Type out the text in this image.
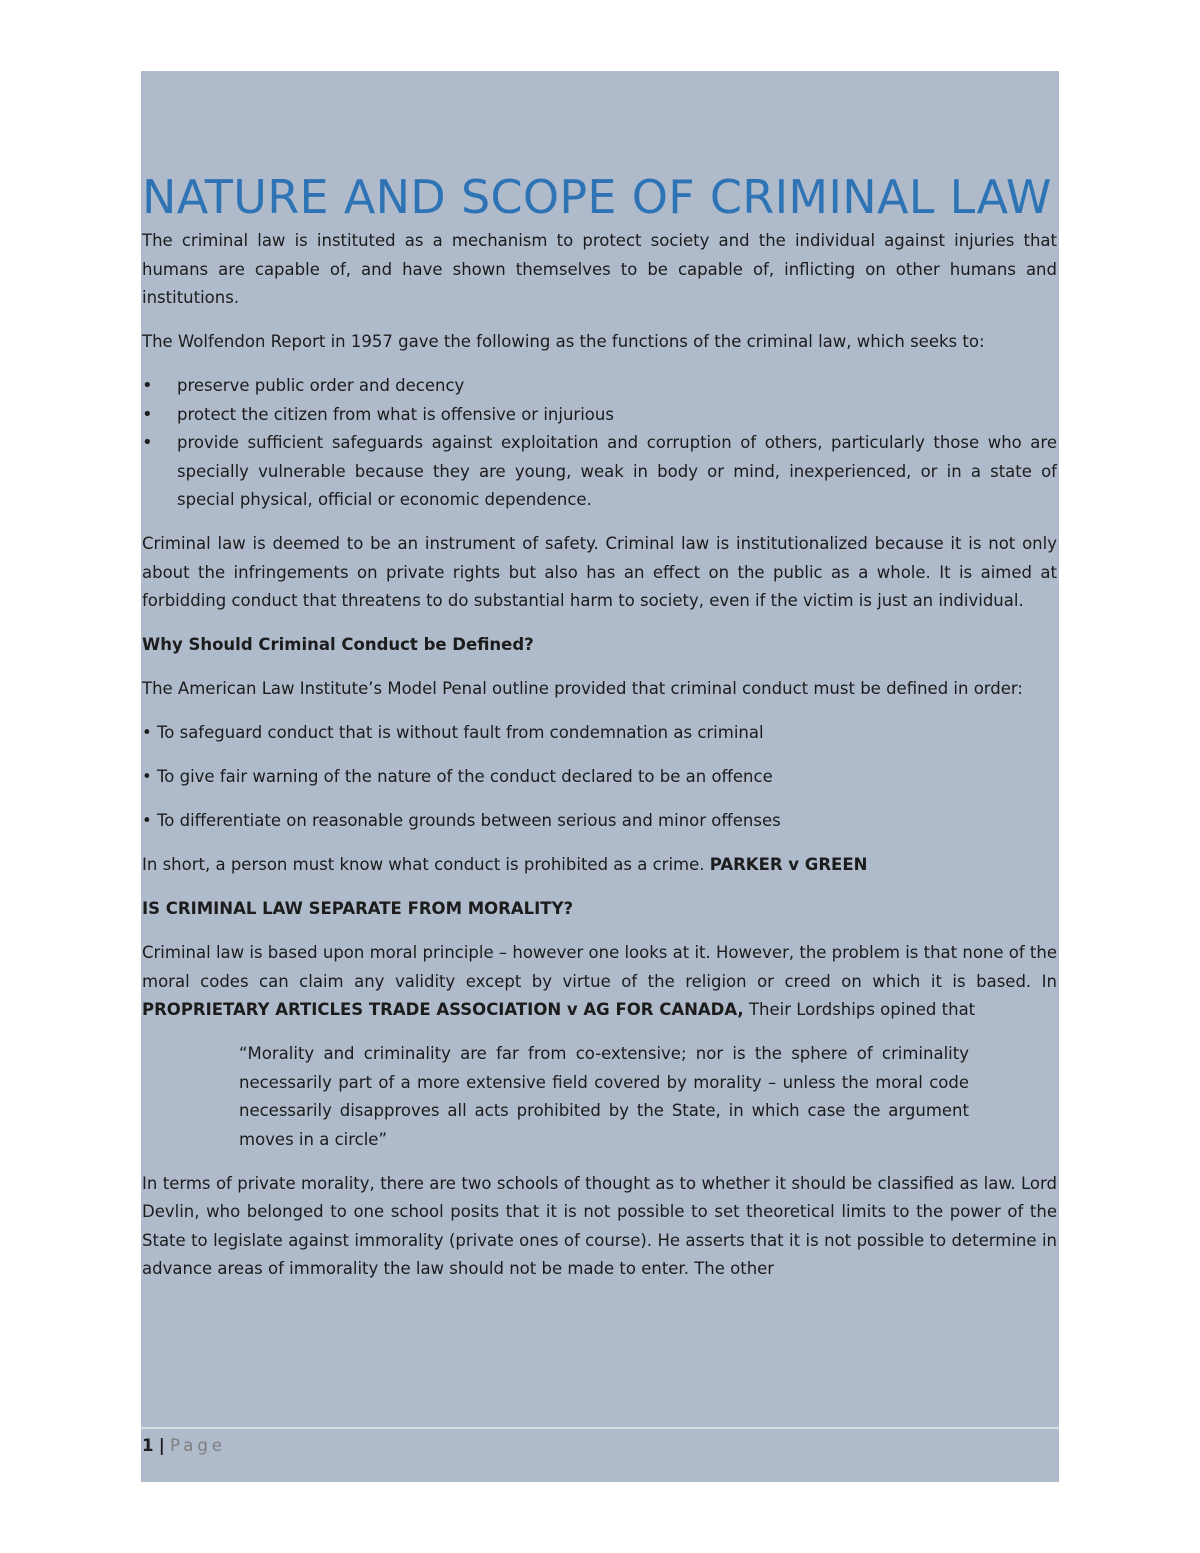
NATURE AND SCOPE OF CRIMINAL LAW

The criminal law is instituted as a mechanism to protect society and the individual against injuries that humans are capable of, and have shown themselves to be capable of, inflicting on other humans and institutions.

The Wolfendon Report in 1957 gave the following as the functions of the criminal law, which seeks to:

• preserve public order and decency
• protect the citizen from what is offensive or injurious
• provide sufficient safeguards against exploitation and corruption of others, particularly those who are specially vulnerable because they are young, weak in body or mind, inexperienced, or in a state of special physical, official or economic dependence.

Criminal law is deemed to be an instrument of safety. Criminal law is institutionalized because it is not only about the infringements on private rights but also has an effect on the public as a whole. It is aimed at forbidding conduct that threatens to do substantial harm to society, even if the victim is just an individual.

Why Should Criminal Conduct be Defined?

The American Law Institute’s Model Penal outline provided that criminal conduct must be defined in order:

• To safeguard conduct that is without fault from condemnation as criminal

• To give fair warning of the nature of the conduct declared to be an offence

• To differentiate on reasonable grounds between serious and minor offenses

In short, a person must know what conduct is prohibited as a crime. PARKER v GREEN

IS CRIMINAL LAW SEPARATE FROM MORALITY?

Criminal law is based upon moral principle – however one looks at it. However, the problem is that none of the moral codes can claim any validity except by virtue of the religion or creed on which it is based. In PROPRIETARY ARTICLES TRADE ASSOCIATION v AG FOR CANADA, Their Lordships opined that

“Morality and criminality are far from co-extensive; nor is the sphere of criminality necessarily part of a more extensive field covered by morality – unless the moral code necessarily disapproves all acts prohibited by the State, in which case the argument moves in a circle”

In terms of private morality, there are two schools of thought as to whether it should be classified as law. Lord Devlin, who belonged to one school posits that it is not possible to set theoretical limits to the power of the State to legislate against immorality (private ones of course). He asserts that it is not possible to determine in advance areas of immorality the law should not be made to enter. The other

1 | Page
